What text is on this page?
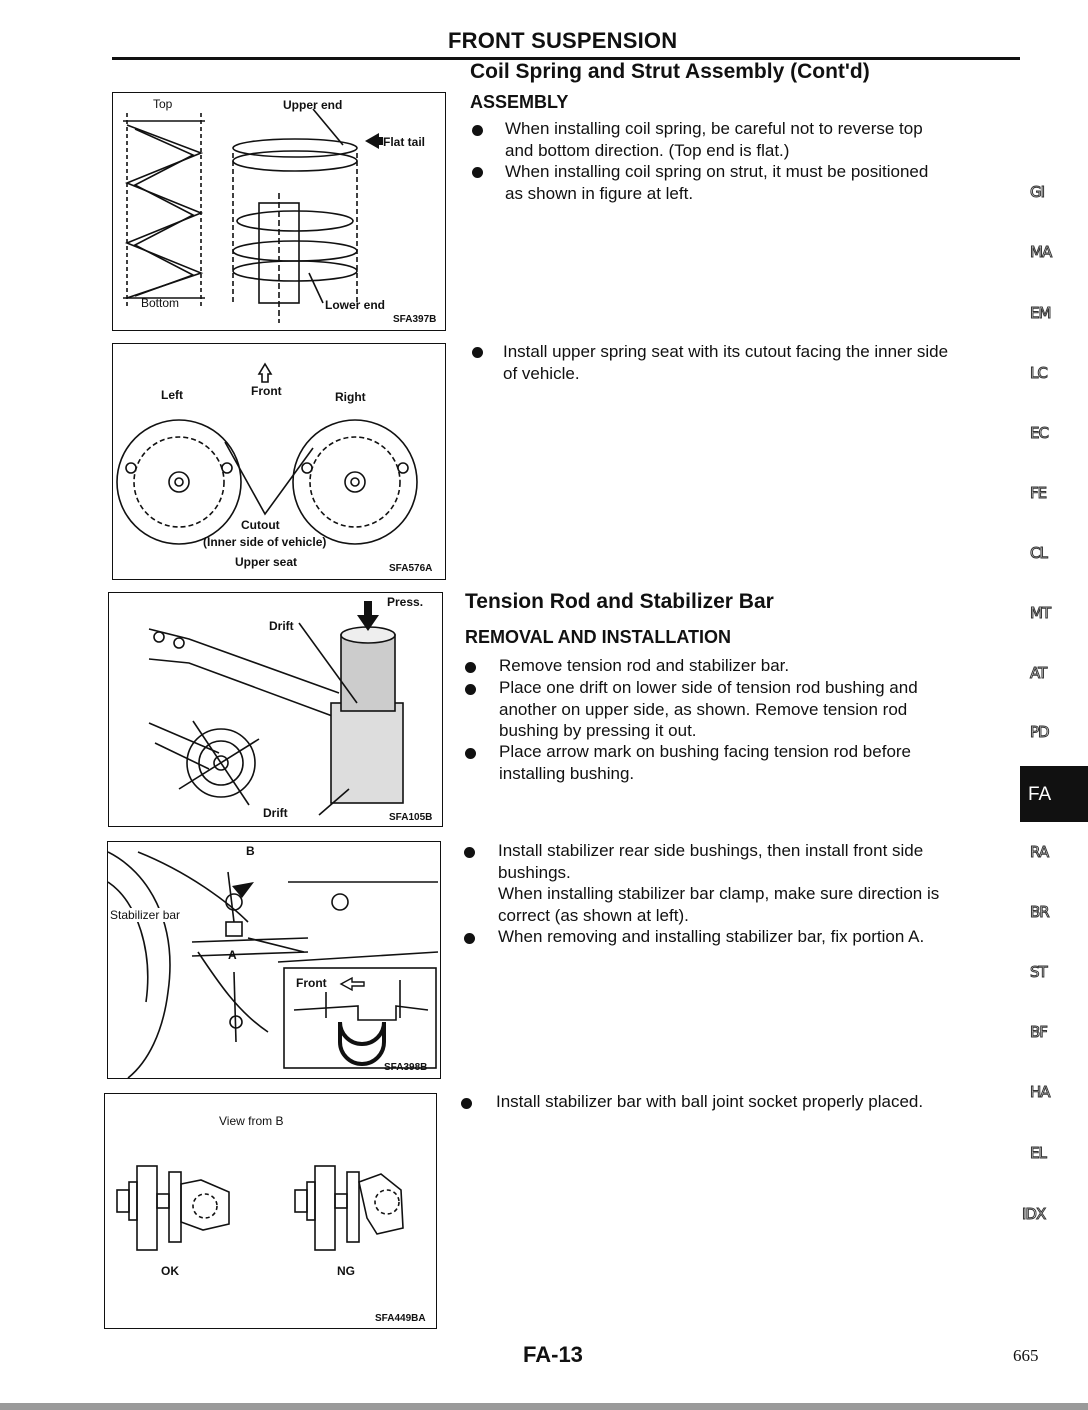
FRONT SUSPENSION
Coil Spring and Strut Assembly (Cont'd)
ASSEMBLY
When installing coil spring, be careful not to reverse top
and bottom direction. (Top end is flat.)
When installing coil spring on strut, it must be positioned
as shown in figure at left.
Install upper spring seat with its cutout facing the inner side
of vehicle.
Tension Rod and Stabilizer Bar
REMOVAL AND INSTALLATION
Remove tension rod and stabilizer bar.
Place one drift on lower side of tension rod bushing and
another on upper side, as shown. Remove tension rod
bushing by pressing it out.
Place arrow mark on bushing facing tension rod before
installing bushing.
Install stabilizer rear side bushings, then install front side
bushings.
When installing stabilizer bar clamp, make sure direction is
correct (as shown at left).
When removing and installing stabilizer bar, fix portion A.
Install stabilizer bar with ball joint socket properly placed.
Top	Upper end
Flat tail
Bottom	Lower end
SFA397B
Front
Left	Right
Cutout
(Inner side of vehicle)
Upper seat	SFA576A
Press.
Drift
Drift	SFA105B
B
Stabilizer bar
A
Front
SFA398B
View from B
OK	NG
SFA449BA
GI
MA
EM
LC
EC
FE
CL
MT
AT
PD
FA
RA
BR
ST
BF
HA
EL
IDX
FA-13	665
